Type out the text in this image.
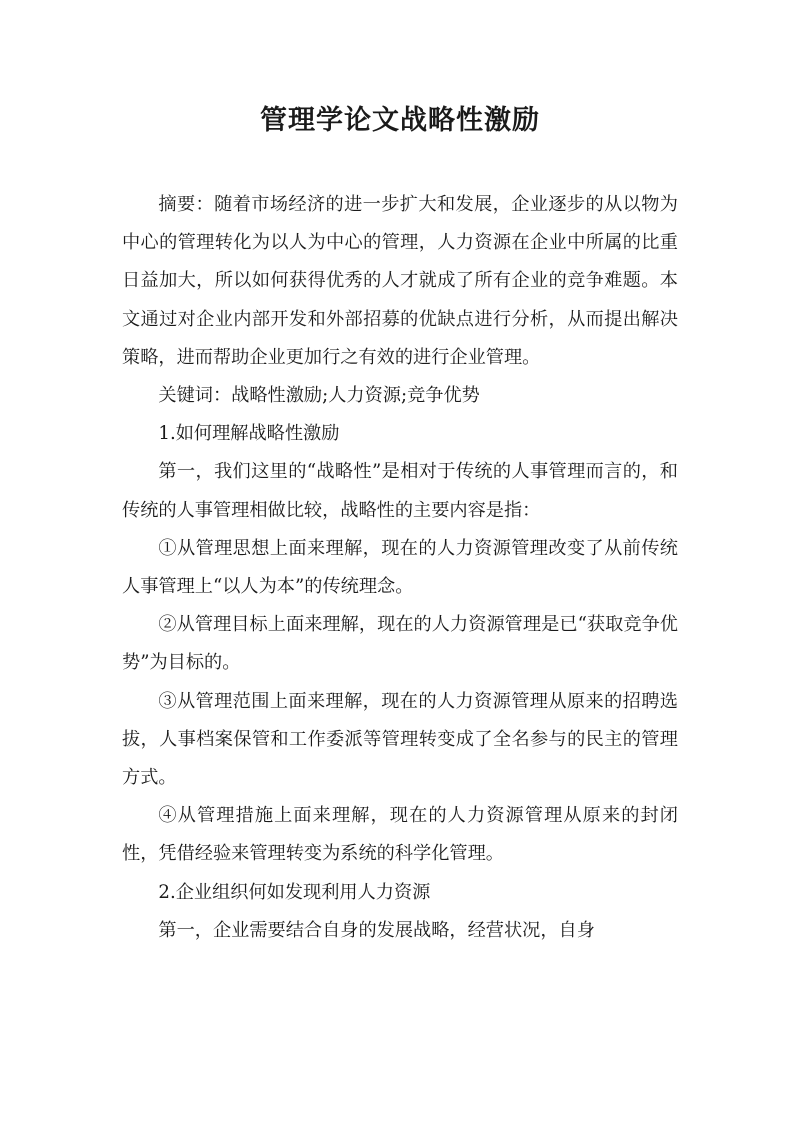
管理学论文战略性激励

摘要：随着市场经济的进一步扩大和发展，企业逐步的从以物为中心的管理转化为以人为中心的管理，人力资源在企业中所属的比重日益加大，所以如何获得优秀的人才就成了所有企业的竞争难题。本文通过对企业内部开发和外部招募的优缺点进行分析，从而提出解决策略，进而帮助企业更加行之有效的进行企业管理。

关键词：战略性激励;人力资源;竞争优势

1.如何理解战略性激励

第一，我们这里的“战略性”是相对于传统的人事管理而言的，和传统的人事管理相做比较，战略性的主要内容是指：

①从管理思想上面来理解，现在的人力资源管理改变了从前传统人事管理上“以人为本”的传统理念。

②从管理目标上面来理解，现在的人力资源管理是已“获取竞争优势”为目标的。

③从管理范围上面来理解，现在的人力资源管理从原来的招聘选拔，人事档案保管和工作委派等管理转变成了全名参与的民主的管理方式。

④从管理措施上面来理解，现在的人力资源管理从原来的封闭性，凭借经验来管理转变为系统的科学化管理。

2.企业组织何如发现利用人力资源

第一，企业需要结合自身的发展战略，经营状况，自身
